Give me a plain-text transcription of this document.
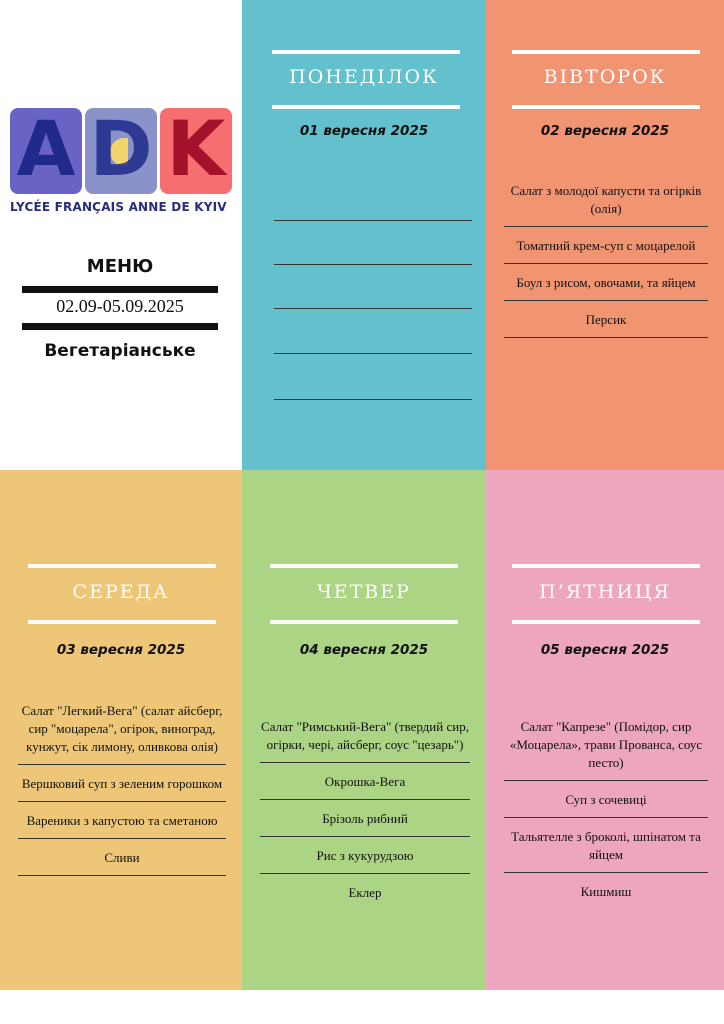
A D K
LYCÉE FRANÇAIS ANNE DE KYIV
МЕНЮ
02.09-05.09.2025
Вегетаріанське
ПОНЕДІЛОК
01 вересня 2025
ВІВТОРОК
02 вересня 2025

Салат з молодої капусти та огірків (олія)

Томатний крем-суп с моцарелой

Боул з рисом, овочами, та яйцем

Персик

СЕРЕДА
03 вересня 2025

Салат "Легкий-Вега" (салат айсберг, сир "моцарела", огірок, виноград, кунжут, сік лимону, оливкова олія)

Вершковий суп з зеленим горошком

Вареники з капустою та сметаною

Сливи

ЧЕТВЕР
04 вересня 2025

Салат "Римський-Вега" (твердий сир, огірки, чері, айсберг, соус "цезарь")

Окрошка-Вега

Брізоль рибний

Рис з кукурудзою

Еклер

П’ЯТНИЦЯ
05 вересня 2025

Салат "Капрезе" (Помідор, сир «Моцарела», трави Прованса, соус песто)

Суп з сочевиці

Тальятелле з броколі, шпінатом та яйцем

Кишмиш
